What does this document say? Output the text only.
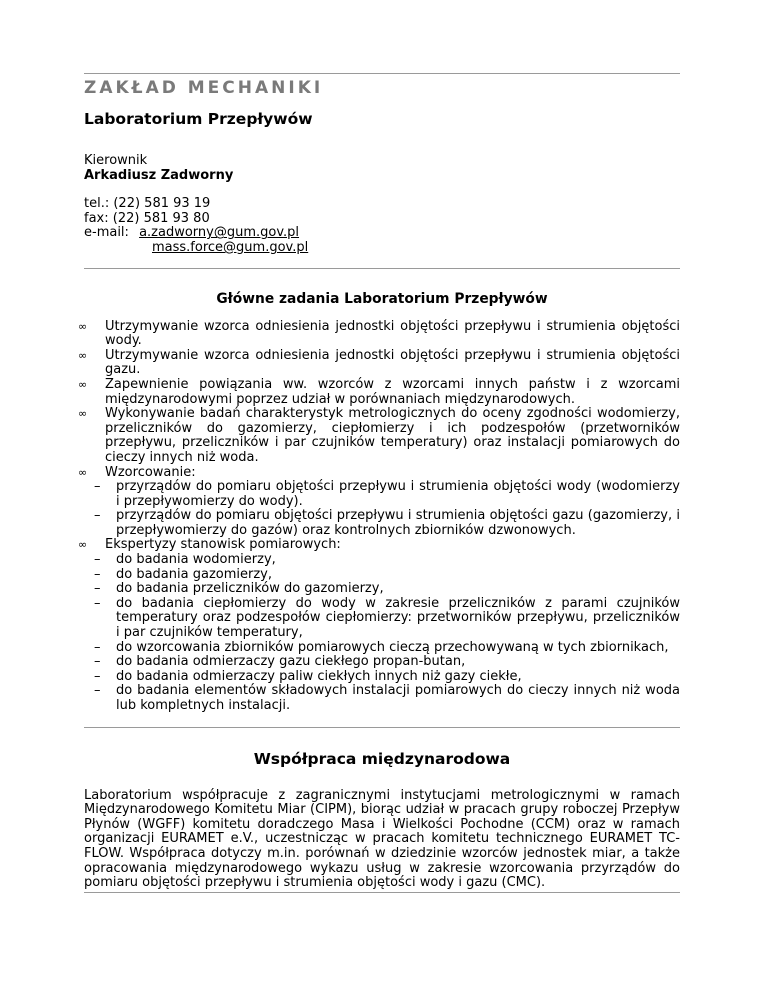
ZAKŁAD MECHANIKI
Laboratorium Przepływów
Kierownik
Arkadiusz Zadworny
tel.: (22) 581 93 19
fax: (22) 581 93 80
e-mail: a.zadworny@gum.gov.pl
mass.force@gum.gov.pl
Główne zadania Laboratorium Przepływów
∞ Utrzymywanie wzorca odniesienia jednostki objętości przepływu i strumienia objętości wody.
∞ Utrzymywanie wzorca odniesienia jednostki objętości przepływu i strumienia objętości gazu.
∞ Zapewnienie powiązania ww. wzorców z wzorcami innych państw i z wzorcami międzynarodowymi poprzez udział w porównaniach międzynarodowych.
∞ Wykonywanie badań charakterystyk metrologicznych do oceny zgodności wodomierzy, przeliczników do gazomierzy, ciepłomierzy i ich podzespołów (przetworników przepływu, przeliczników i par czujników temperatury) oraz instalacji pomiarowych do cieczy innych niż woda.
∞ Wzorcowanie:
– przyrządów do pomiaru objętości przepływu i strumienia objętości wody (wodomierzy i przepływomierzy do wody).
– przyrządów do pomiaru objętości przepływu i strumienia objętości gazu (gazomierzy, i przepływomierzy do gazów) oraz kontrolnych zbiorników dzwonowych.
∞ Ekspertyzy stanowisk pomiarowych:
– do badania wodomierzy,
– do badania gazomierzy,
– do badania przeliczników do gazomierzy,
– do badania ciepłomierzy do wody w zakresie przeliczników z parami czujników temperatury oraz podzespołów ciepłomierzy: przetworników przepływu, przeliczników i par czujników temperatury,
– do wzorcowania zbiorników pomiarowych cieczą przechowywaną w tych zbiornikach,
– do badania odmierzaczy gazu ciekłego propan-butan,
– do badania odmierzaczy paliw ciekłych innych niż gazy ciekłe,
– do badania elementów składowych instalacji pomiarowych do cieczy innych niż woda lub kompletnych instalacji.
Współpraca międzynarodowa
Laboratorium współpracuje z zagranicznymi instytucjami metrologicznymi w ramach Międzynarodowego Komitetu Miar (CIPM), biorąc udział w pracach grupy roboczej Przepływ Płynów (WGFF) komitetu doradczego Masa i Wielkości Pochodne (CCM) oraz w ramach organizacji EURAMET e.V., uczestnicząc w pracach komitetu technicznego EURAMET TC-FLOW. Współpraca dotyczy m.in. porównań w dziedzinie wzorców jednostek miar, a także opracowania międzynarodowego wykazu usług w zakresie wzorcowania przyrządów do pomiaru objętości przepływu i strumienia objętości wody i gazu (CMC).
